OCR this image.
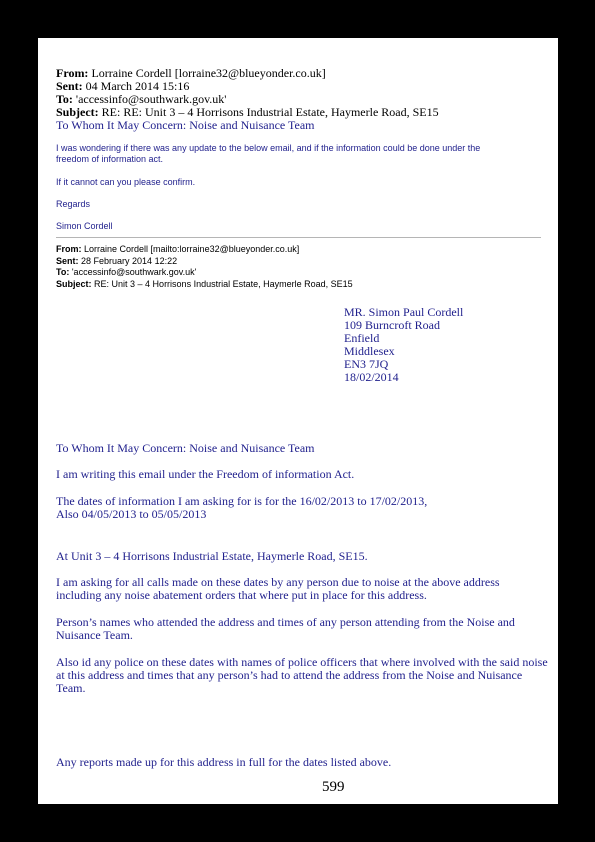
From: Lorraine Cordell [lorraine32@blueyonder.co.uk]
Sent: 04 March 2014 15:16
To: 'accessinfo@southwark.gov.uk'
Subject: RE: RE: Unit 3 – 4 Horrisons Industrial Estate, Haymerle Road, SE15
To Whom It May Concern: Noise and Nuisance Team
I was wondering if there was any update to the below email, and if the information could be done under the
freedom of information act.
If it cannot can you please confirm.
Regards
Simon Cordell
From: Lorraine Cordell [mailto:lorraine32@blueyonder.co.uk]
Sent: 28 February 2014 12:22
To: 'accessinfo@southwark.gov.uk'
Subject: RE: Unit 3 – 4 Horrisons Industrial Estate, Haymerle Road, SE15
MR. Simon Paul Cordell
109 Burncroft Road
Enfield
Middlesex
EN3 7JQ
18/02/2014
To Whom It May Concern: Noise and Nuisance Team
I am writing this email under the Freedom of information Act.
The dates of information I am asking for is for the 16/02/2013 to 17/02/2013,
Also 04/05/2013 to 05/05/2013
At Unit 3 – 4 Horrisons Industrial Estate, Haymerle Road, SE15.
I am asking for all calls made on these dates by any person due to noise at the above address
including any noise abatement orders that where put in place for this address.
Person’s names who attended the address and times of any person attending from the Noise and
Nuisance Team.
Also id any police on these dates with names of police officers that where involved with the said noise
at this address and times that any person’s had to attend the address from the Noise and Nuisance
Team.
Any reports made up for this address in full for the dates listed above.
599
